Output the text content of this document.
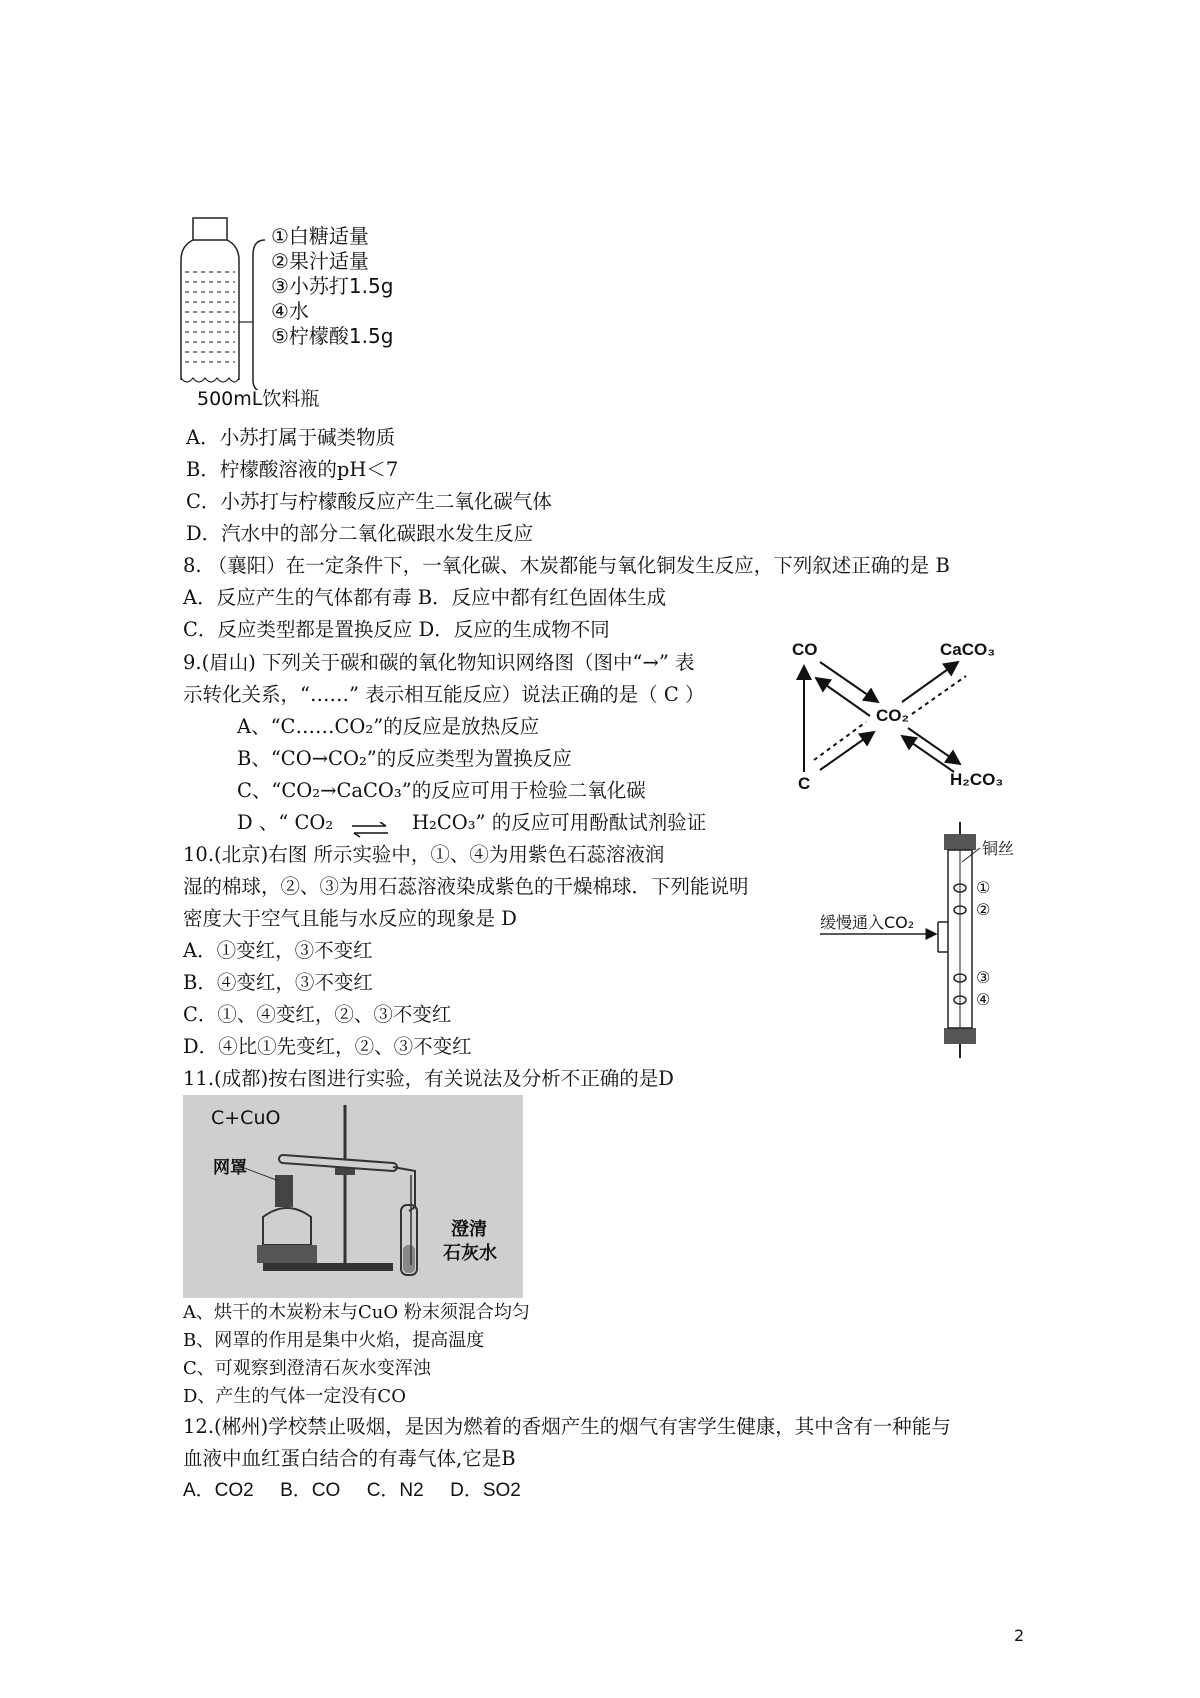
①白糖适量
②果汁适量
③小苏打1.5g
④水
⑤柠檬酸1.5g
500mL饮料瓶
A．小苏打属于碱类物质
B．柠檬酸溶液的pH＜7
C．小苏打与柠檬酸反应产生二氧化碳气体
D．汽水中的部分二氧化碳跟水发生反应
8. （襄阳）在一定条件下，一氧化碳、木炭都能与氧化铜发生反应，下列叙述正确的是 B
A．反应产生的气体都有毒 B．反应中都有红色固体生成
C．反应类型都是置换反应 D．反应的生成物不同
9.(眉山) 下列关于碳和碳的氧化物知识网络图（图中“→” 表
示转化关系，“……” 表示相互能反应）说法正确的是（ C ）
A、“C……CO₂”的反应是放热反应
B、“CO→CO₂”的反应类型为置换反应
C、“CO₂→CaCO₃”的反应可用于检验二氧化碳
D 、“ CO₂ ⇌ H₂CO₃” 的反应可用酚酞试剂验证
CO	CaCO₃
CO₂
C	H₂CO₃
10.(北京)右图 所示实验中，①、④为用紫色石蕊溶液润
湿的棉球，②、③为用石蕊溶液染成紫色的干燥棉球．下列能说明
密度大于空气且能与水反应的现象是 D
A．①变红，③不变红
B．④变红，③不变红
C．①、④变红，②、③不变红
D．④比①先变红，②、③不变红
铜丝
缓慢通入CO₂
①
②
③
④
11.(成都)按右图进行实验，有关说法及分析不正确的是D
C+CuO
网罩
澄清
石灰水
A、烘干的木炭粉末与CuO 粉末须混合均匀
B、网罩的作用是集中火焰，提高温度
C、可观察到澄清石灰水变浑浊
D、产生的气体一定没有CO
12.(郴州)学校禁止吸烟，是因为燃着的香烟产生的烟气有害学生健康，其中含有一种能与
血液中血红蛋白结合的有毒气体,它是B
A．CO2     B．CO     C．N2     D．SO2
2
